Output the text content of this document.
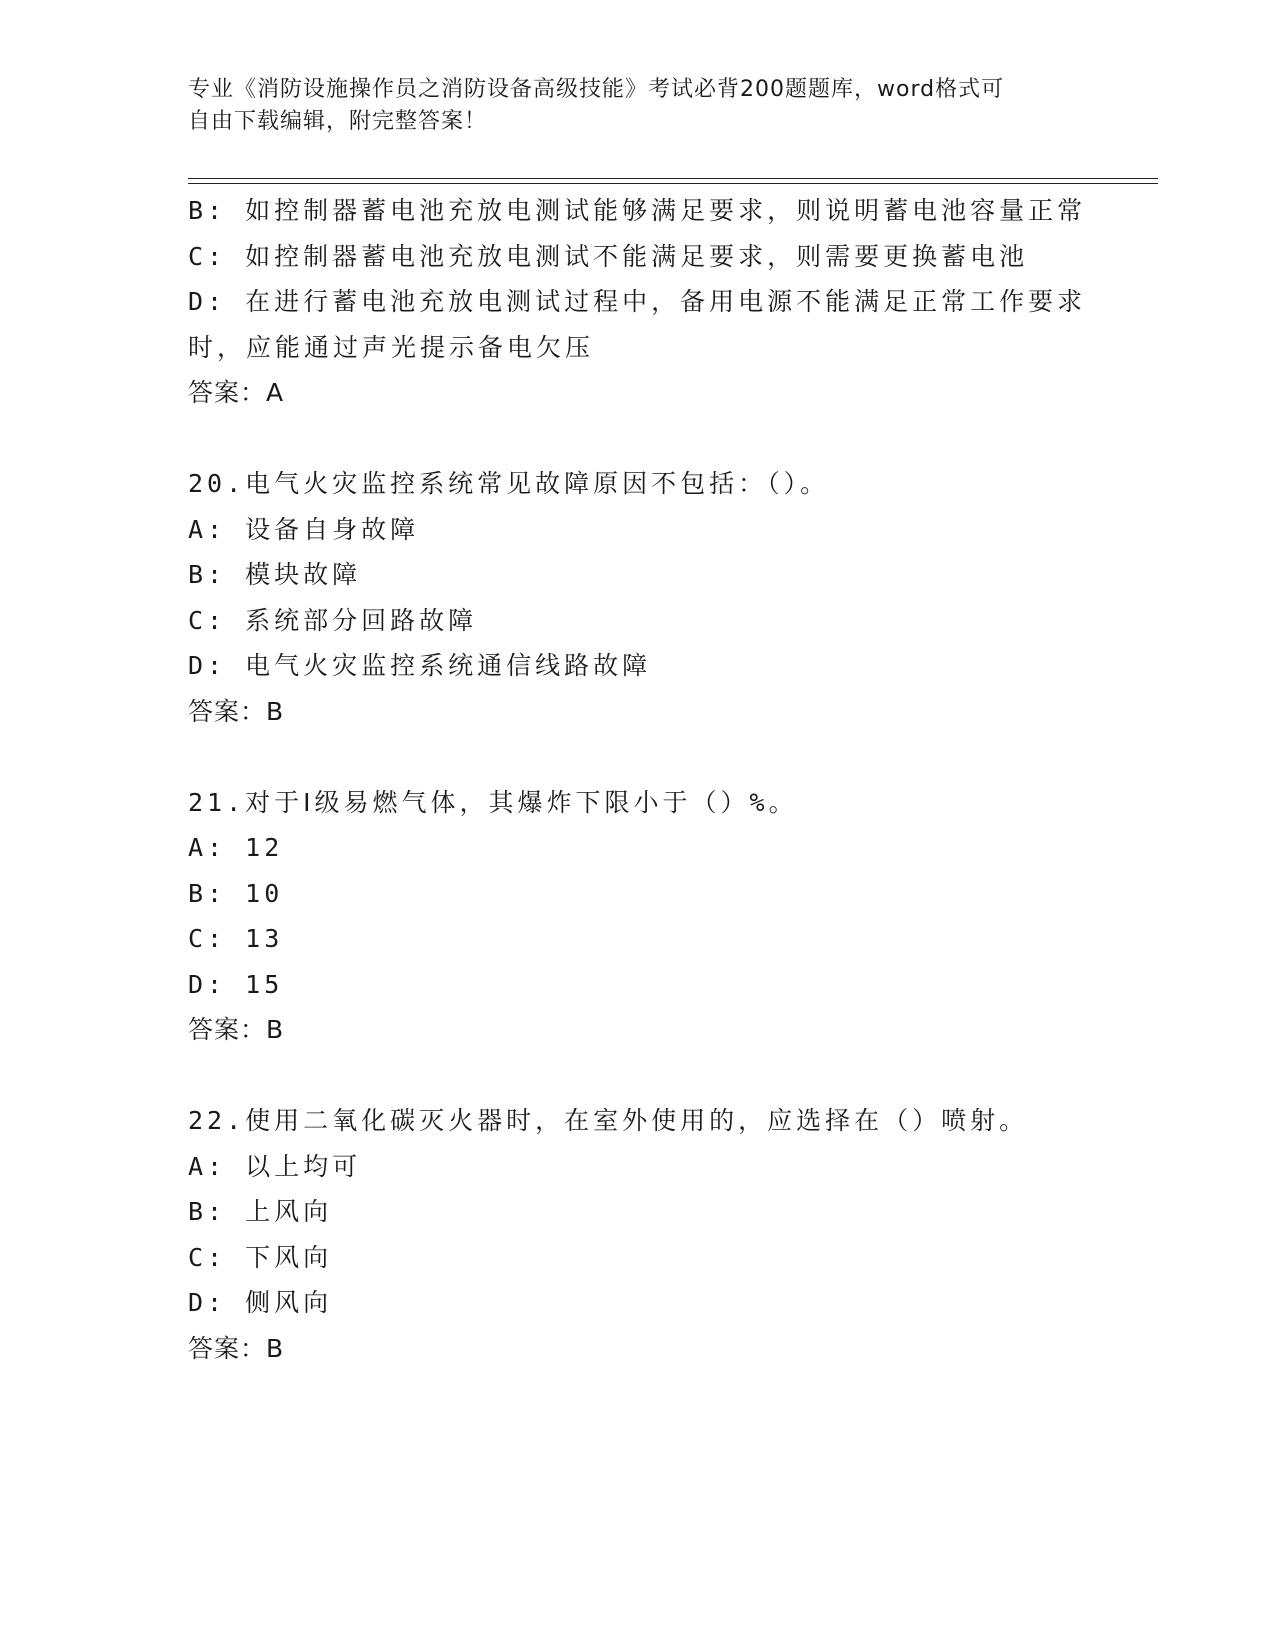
专业《消防设施操作员之消防设备高级技能》考试必背200题题库，word格式可
自由下载编辑，附完整答案！
B: 如控制器蓄电池充放电测试能够满足要求，则说明蓄电池容量正常
C: 如控制器蓄电池充放电测试不能满足要求，则需要更换蓄电池
D: 在进行蓄电池充放电测试过程中，备用电源不能满足正常工作要求
时，应能通过声光提示备电欠压
答案：A
20.电气火灾监控系统常见故障原因不包括：（）。
A: 设备自身故障
B: 模块故障
C: 系统部分回路故障
D: 电气火灾监控系统通信线路故障
答案：B
21.对于Ⅰ级易燃气体，其爆炸下限小于（）%。
A: 12
B: 10
C: 13
D: 15
答案：B
22.使用二氧化碳灭火器时，在室外使用的，应选择在（）喷射。
A: 以上均可
B: 上风向
C: 下风向
D: 侧风向
答案：B
